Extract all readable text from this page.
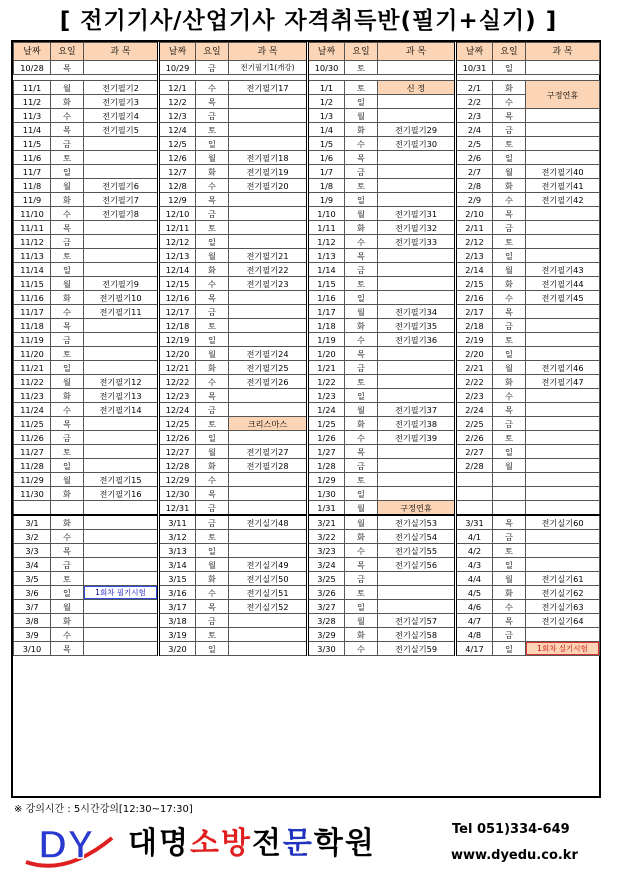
[ 전기기사/산업기사 자격취득반(필기+실기) ]
날짜	요일	과 목	날짜	요일	과 목	날짜	요일	과 목	날짜	요일	과 목
10/28	목		10/29	금	전기필기1(개강)	10/30	토		10/31	일	

11/1	월	전기필기2	12/1	수	전기필기17	1/1	토	신 정	2/1	화	구정연휴
11/2	화	전기필기3	12/2	목		1/2	일		2/2	수	
11/3	수	전기필기4	12/3	금		1/3	월		2/3	목	
11/4	목	전기필기5	12/4	토		1/4	화	전기필기29	2/4	금	
11/5	금		12/5	일		1/5	수	전기필기30	2/5	토	
11/6	토		12/6	월	전기필기18	1/6	목		2/6	일	
11/7	일		12/7	화	전기필기19	1/7	금		2/7	월	전기필기40
11/8	월	전기필기6	12/8	수	전기필기20	1/8	토		2/8	화	전기필기41
11/9	화	전기필기7	12/9	목		1/9	일		2/9	수	전기필기42
11/10	수	전기필기8	12/10	금		1/10	월	전기필기31	2/10	목	
11/11	목		12/11	토		1/11	화	전기필기32	2/11	금	
11/12	금		12/12	일		1/12	수	전기필기33	2/12	토	
11/13	토		12/13	월	전기필기21	1/13	목		2/13	일	
11/14	일		12/14	화	전기필기22	1/14	금		2/14	월	전기필기43
11/15	월	전기필기9	12/15	수	전기필기23	1/15	토		2/15	화	전기필기44
11/16	화	전기필기10	12/16	목		1/16	일		2/16	수	전기필기45
11/17	수	전기필기11	12/17	금		1/17	월	전기필기34	2/17	목	
11/18	목		12/18	토		1/18	화	전기필기35	2/18	금	
11/19	금		12/19	일		1/19	수	전기필기36	2/19	토	
11/20	토		12/20	월	전기필기24	1/20	목		2/20	일	
11/21	일		12/21	화	전기필기25	1/21	금		2/21	월	전기필기46
11/22	월	전기필기12	12/22	수	전기필기26	1/22	토		2/22	화	전기필기47
11/23	화	전기필기13	12/23	목		1/23	일		2/23	수	
11/24	수	전기필기14	12/24	금		1/24	월	전기필기37	2/24	목	
11/25	목		12/25	토	크리스마스	1/25	화	전기필기38	2/25	금	
11/26	금		12/26	일		1/26	수	전기필기39	2/26	토	
11/27	토		12/27	월	전기필기27	1/27	목		2/27	일	
11/28	일		12/28	화	전기필기28	1/28	금		2/28	월	
11/29	월	전기필기15	12/29	수		1/29	토				
11/30	화	전기필기16	12/30	목		1/30	일				
			12/31	금		1/31	월	구정연휴			
3/1	화		3/11	금	전기실기48	3/21	월	전기실기53	3/31	목	전기실기60
3/2	수		3/12	토		3/22	화	전기실기54	4/1	금	
3/3	목		3/13	일		3/23	수	전기실기55	4/2	토	
3/4	금		3/14	월	전기실기49	3/24	목	전기실기56	4/3	일	
3/5	토		3/15	화	전기실기50	3/25	금		4/4	월	전기실기61
3/6	일	1회차 필기시험	3/16	수	전기실기51	3/26	토		4/5	화	전기실기62
3/7	월		3/17	목	전기실기52	3/27	일		4/6	수	전기실기63
3/8	화		3/18	금		3/28	월	전기실기57	4/7	목	전기실기64
3/9	수		3/19	토		3/29	화	전기실기58	4/8	금	
3/10	목		3/20	일		3/30	수	전기실기59	4/17	일	1회차 실기시험
※ 강의시간 : 5시간강의[12:30~17:30]
DY 대명소방전문학원	Tel 051)334-649
www.dyedu.co.kr
